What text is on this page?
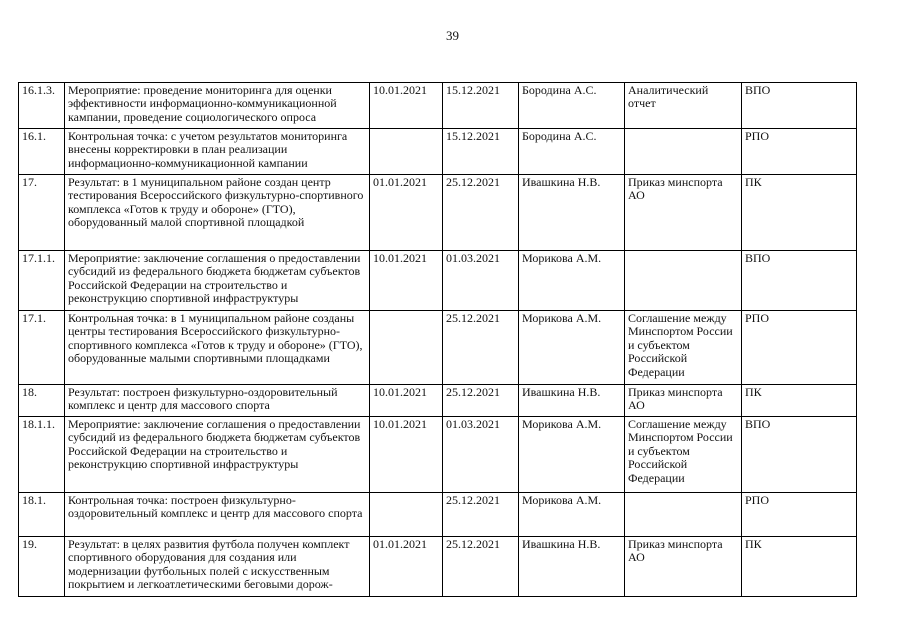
39
16.1.3.	Мероприятие: проведение мониторинга для оценки эффективности информационно-коммуникационной кампании, проведение социологического опроса	10.01.2021	15.12.2021	Бородина А.С.	Аналитический отчет	ВПО
16.1.	Контрольная точка: с учетом результатов мониторинга внесены корректировки в план реализации информационно-коммуникационной кампании		15.12.2021	Бородина А.С.		РПО
17.	Результат: в 1 муниципальном районе создан центр тестирования Всероссийского физкультурно-спортивного комплекса «Готов к труду и обороне» (ГТО), оборудованный малой спортивной площадкой	01.01.2021	25.12.2021	Ивашкина Н.В.	Приказ минспорта АО	ПК
17.1.1.	Мероприятие: заключение соглашения о предоставлении субсидий из федерального бюджета бюджетам субъектов Российской Федерации на строительство и реконструкцию спортивной инфраструктуры	10.01.2021	01.03.2021	Морикова А.М.		ВПО
17.1.	Контрольная точка: в 1 муниципальном районе созданы центры тестирования Всероссийского физкультурно-спортивного комплекса «Готов к труду и обороне» (ГТО), оборудованные малыми спортивными площадками		25.12.2021	Морикова А.М.	Соглашение между Минспортом России и субъектом Российской Федерации	РПО
18.	Результат: построен физкультурно-оздоровительный комплекс и центр для массового спорта	10.01.2021	25.12.2021	Ивашкина Н.В.	Приказ минспорта АО	ПК
18.1.1.	Мероприятие: заключение соглашения о предоставлении субсидий из федерального бюджета бюджетам субъектов Российской Федерации на строительство и реконструкцию спортивной инфраструктуры	10.01.2021	01.03.2021	Морикова А.М.	Соглашение между Минспортом России и субъектом Российской Федерации	ВПО
18.1.	Контрольная точка: построен физкультурно-оздоровительный комплекс и центр для массового спорта		25.12.2021	Морикова А.М.		РПО
19.	Результат: в целях развития футбола получен комплект спортивного оборудования для создания или модернизации футбольных полей с искусственным покрытием и легкоатлетическими беговыми дорож-	01.01.2021	25.12.2021	Ивашкина Н.В.	Приказ минспорта АО	ПК
